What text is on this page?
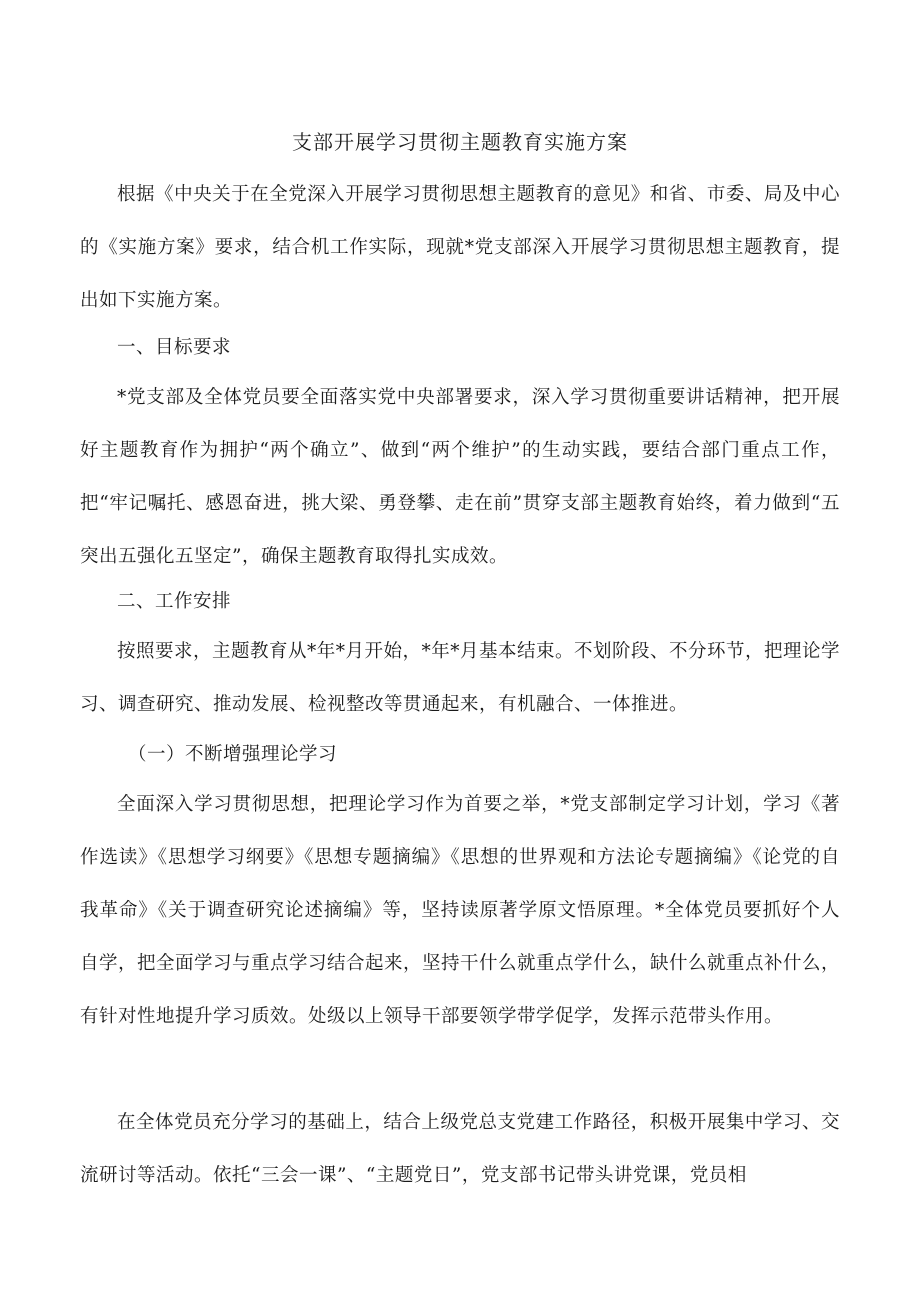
支部开展学习贯彻主题教育实施方案

根据《中央关于在全党深入开展学习贯彻思想主题教育的意见》和省、市委、局及中心的《实施方案》要求，结合机工作实际，现就*党支部深入开展学习贯彻思想主题教育，提出如下实施方案。

一、目标要求

*党支部及全体党员要全面落实党中央部署要求，深入学习贯彻重要讲话精神，把开展好主题教育作为拥护“两个确立”、做到“两个维护”的生动实践，要结合部门重点工作，把“牢记嘱托、感恩奋进，挑大梁、勇登攀、走在前”贯穿支部主题教育始终，着力做到“五突出五强化五坚定”，确保主题教育取得扎实成效。

二、工作安排

按照要求，主题教育从*年*月开始，*年*月基本结束。不划阶段、不分环节，把理论学习、调查研究、推动发展、检视整改等贯通起来，有机融合、一体推进。

（一）不断增强理论学习

全面深入学习贯彻思想，把理论学习作为首要之举，*党支部制定学习计划，学习《著作选读》《思想学习纲要》《思想专题摘编》《思想的世界观和方法论专题摘编》《论党的自我革命》《关于调查研究论述摘编》等，坚持读原著学原文悟原理。*全体党员要抓好个人自学，把全面学习与重点学习结合起来，坚持干什么就重点学什么，缺什么就重点补什么，有针对性地提升学习质效。处级以上领导干部要领学带学促学，发挥示范带头作用。

在全体党员充分学习的基础上，结合上级党总支党建工作路径，积极开展集中学习、交流研讨等活动。依托“三会一课”、“主题党日”，党支部书记带头讲党课，党员相
